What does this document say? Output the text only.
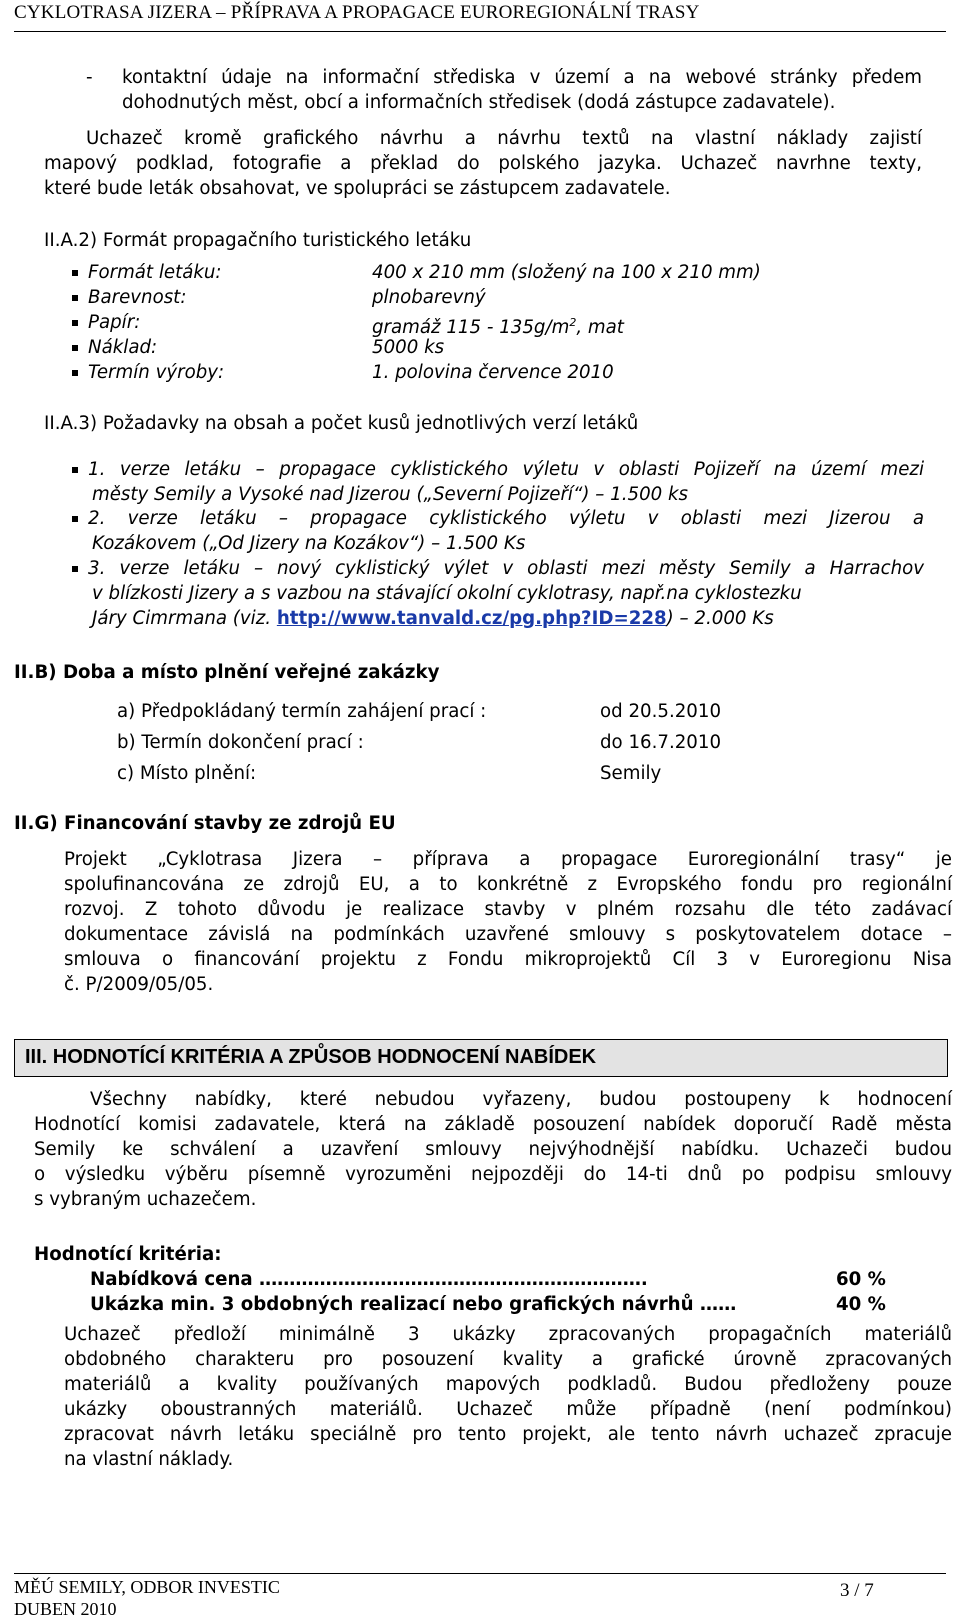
CYKLOTRASA JIZERA – PŘÍPRAVA A PROPAGACE EUROREGIONÁLNÍ TRASY
- kontaktní údaje na informační střediska v území a na webové stránky předem
dohodnutých měst, obcí a informačních středisek (dodá zástupce zadavatele).
Uchazeč kromě grafického návrhu a návrhu textů na vlastní náklady zajistí
mapový podklad, fotografie a překlad do polského jazyka. Uchazeč navrhne texty,
které bude leták obsahovat, ve spolupráci se zástupcem zadavatele.
II.A.2) Formát propagačního turistického letáku
Formát letáku:	400 x 210 mm (složený na 100 x 210 mm)
Barevnost:	plnobarevný
Papír:	gramáž $115 - 135g/m^2$, mat
Náklad:	5000 ks
Termín výroby:	1. polovina července 2010
II.A.3) Požadavky na obsah a počet kusů jednotlivých verzí letáků
1. verze letáku – propagace cyklistického výletu v oblasti Pojizeří na území mezi
městy Semily a Vysoké nad Jizerou („Severní Pojizeří“) – 1.500 ks
2. verze letáku – propagace cyklistického výletu v oblasti mezi Jizerou a
Kozákovem („Od Jizery na Kozákov“) – 1.500 Ks
3. verze letáku – nový cyklistický výlet v oblasti mezi městy Semily a Harrachov
v blízkosti Jizery a s vazbou na stávající okolní cyklotrasy, např.na cyklostezku
Járy Cimrmana (viz. http://www.tanvald.cz/pg.php?ID=228) – 2.000 Ks
II.B) Doba a místo plnění veřejné zakázky
a) Předpokládaný termín zahájení prací :	od 20.5.2010
b) Termín dokončení prací :	do 16.7.2010
c) Místo plnění:	Semily
II.G) Financování stavby ze zdrojů EU
Projekt „Cyklotrasa Jizera – příprava a propagace Euroregionální trasy“ je
spolufinancována ze zdrojů EU, a to konkrétně z Evropského fondu pro regionální
rozvoj. Z tohoto důvodu je realizace stavby v plném rozsahu dle této zadávací
dokumentace závislá na podmínkách uzavřené smlouvy s poskytovatelem dotace –
smlouva o financování projektu z Fondu mikroprojektů Cíl 3 v Euroregionu Nisa
č. P/2009/05/05.
III. HODNOTÍCÍ KRITÉRIA A ZPŮSOB HODNOCENÍ NABÍDEK
Všechny nabídky, které nebudou vyřazeny, budou postoupeny k hodnocení
Hodnotící komisi zadavatele, která na základě posouzení nabídek doporučí Radě města
Semily ke schválení a uzavření smlouvy nejvýhodnější nabídku. Uchazeči budou
o výsledku výběru písemně vyrozuměni nejpozději do 14-ti dnů po podpisu smlouvy
s vybraným uchazečem.
Hodnotící kritéria:
Nabídková cena ……………………………………………………….	60 %
Ukázka min. 3 obdobných realizací nebo grafických návrhů ……	40 %
Uchazeč předloží minimálně 3 ukázky zpracovaných propagačních materiálů
obdobného charakteru pro posouzení kvality a grafické úrovně zpracovaných
materiálů a kvality používaných mapových podkladů. Budou předloženy pouze
ukázky oboustranných materiálů. Uchazeč může případně (není podmínkou)
zpracovat návrh letáku speciálně pro tento projekt, ale tento návrh uchazeč zpracuje
na vlastní náklady.
MĚÚ SEMILY, ODBOR INVESTIC
DUBEN 2010
3 / 7
